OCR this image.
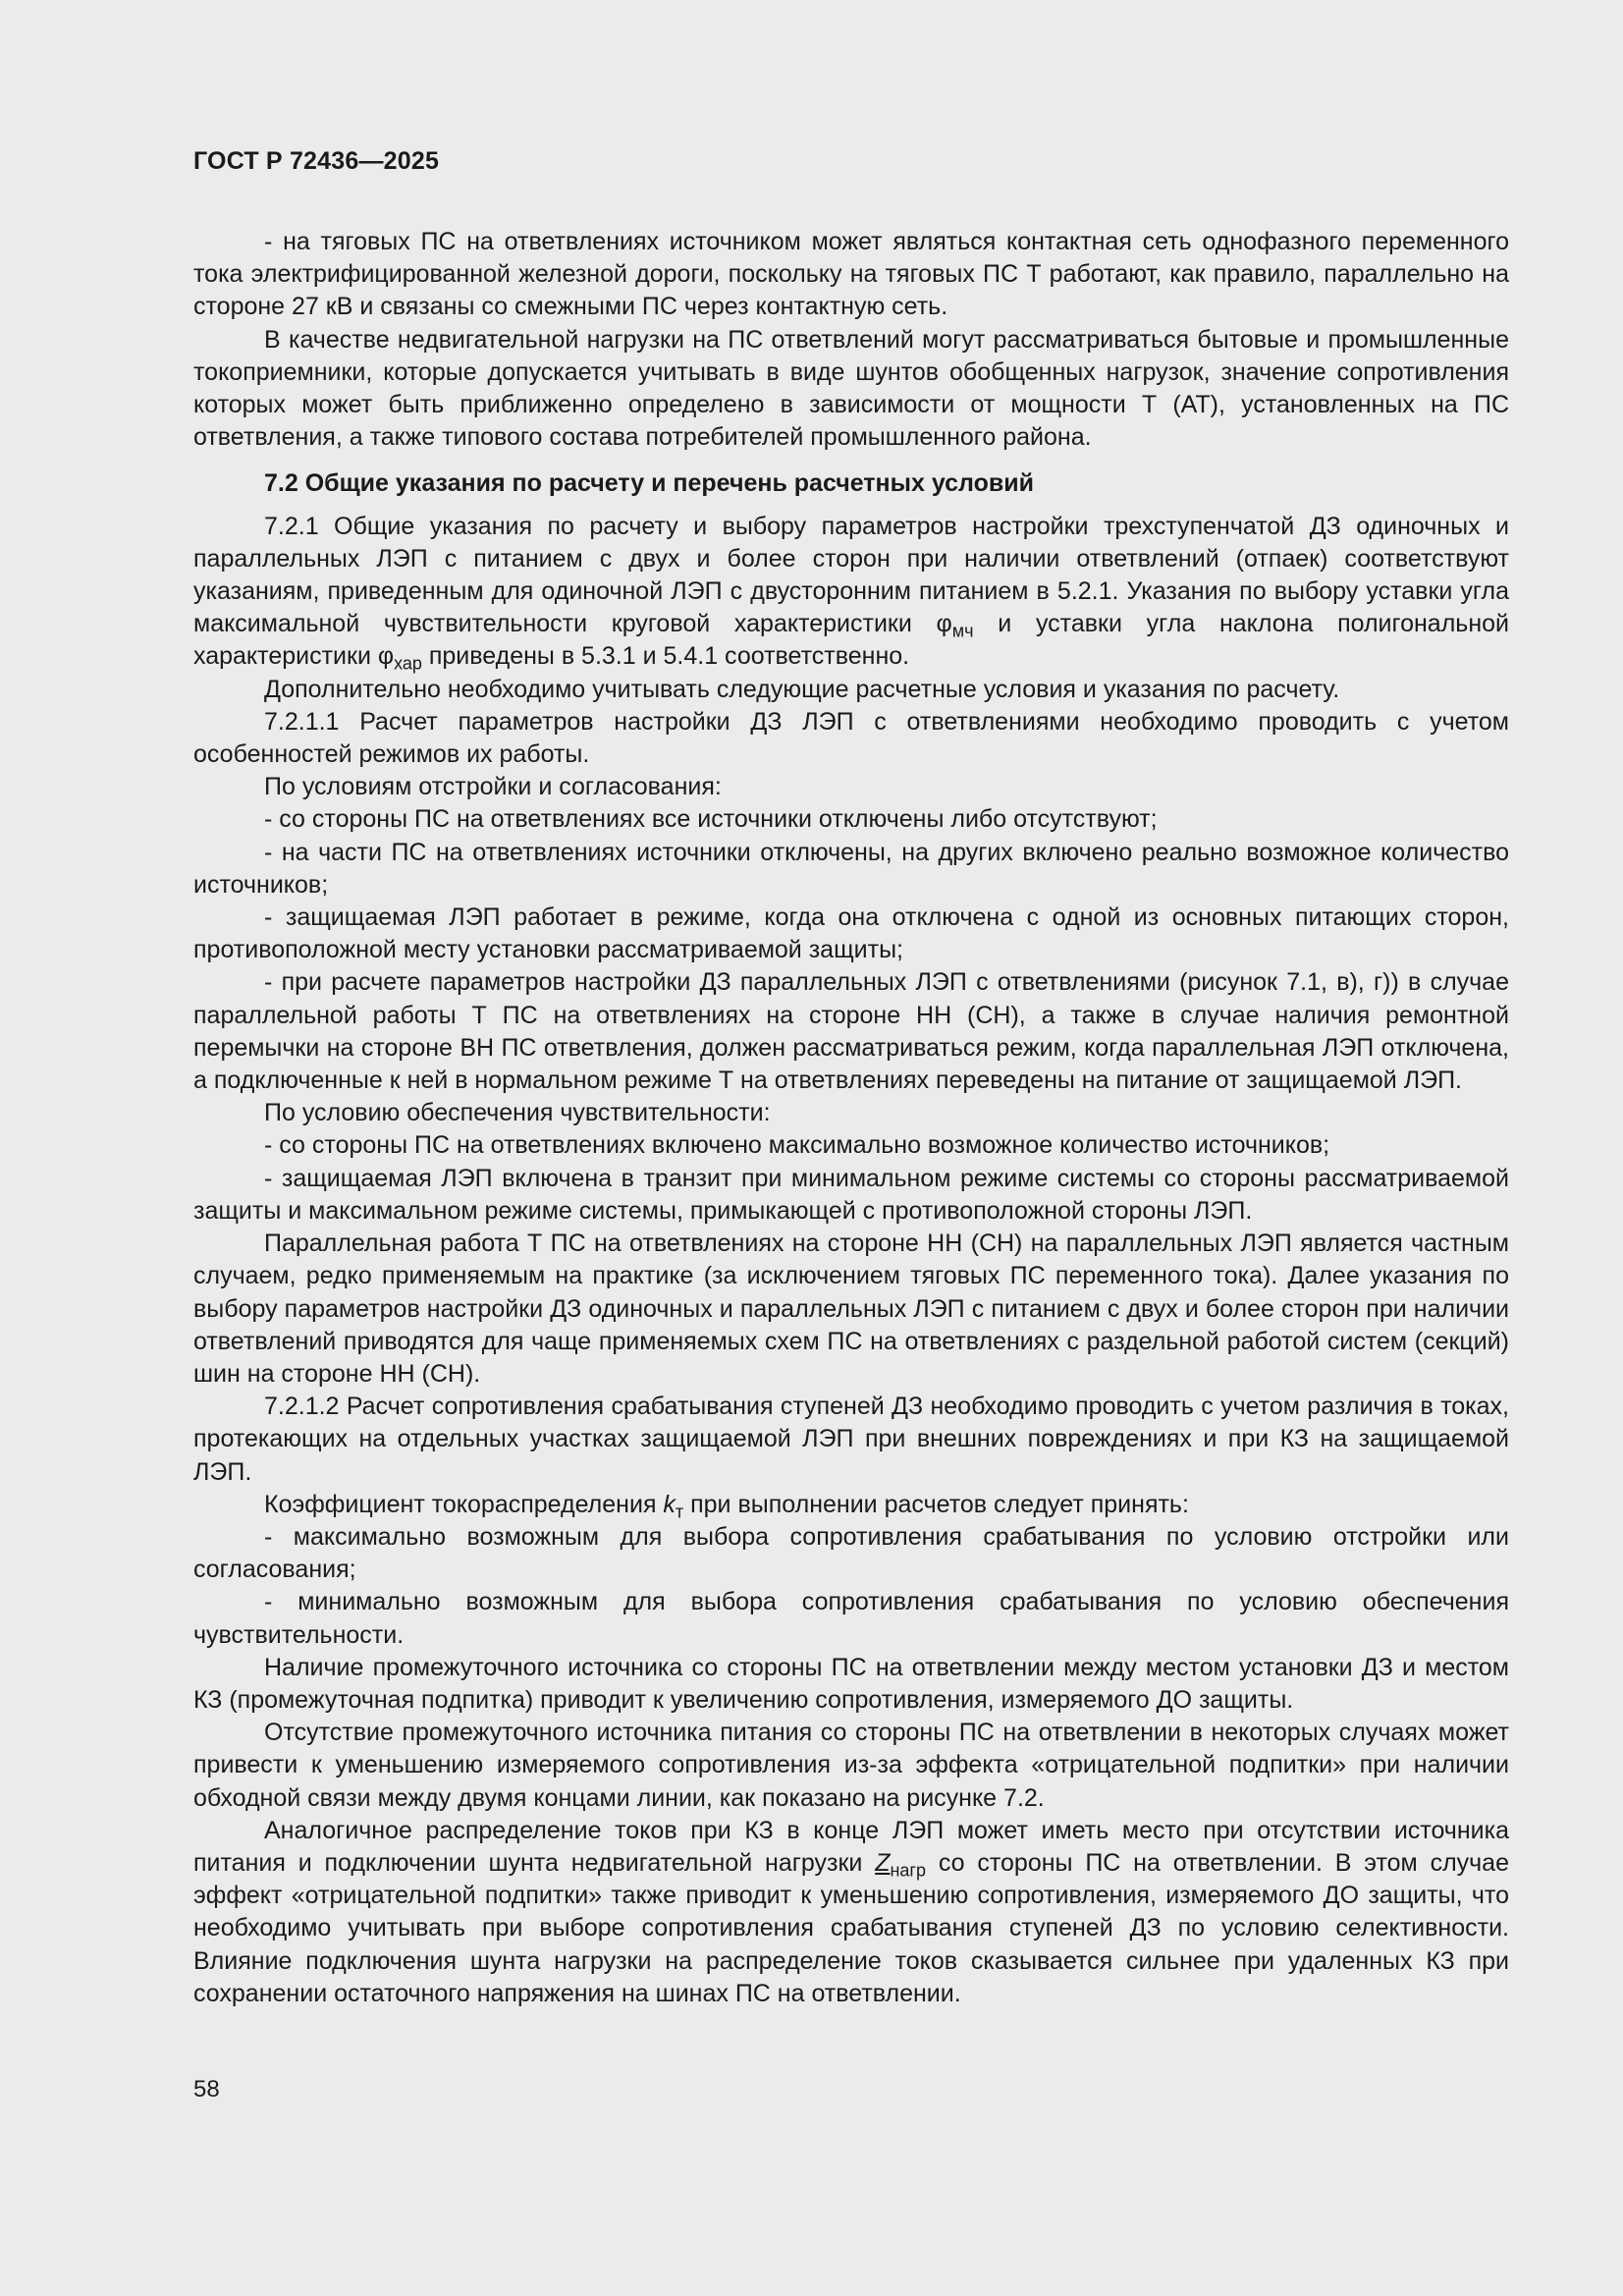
ГОСТ Р 72436—2025

- на тяговых ПС на ответвлениях источником может являться контактная сеть однофазного переменного тока электрифицированной железной дороги, поскольку на тяговых ПС Т работают, как правило, параллельно на стороне 27 кВ и связаны со смежными ПС через контактную сеть.

В качестве недвигательной нагрузки на ПС ответвлений могут рассматриваться бытовые и промышленные токоприемники, которые допускается учитывать в виде шунтов обобщенных нагрузок, значение сопротивления которых может быть приближенно определено в зависимости от мощности Т (АТ), установленных на ПС ответвления, а также типового состава потребителей промышленного района.

7.2 Общие указания по расчету и перечень расчетных условий

7.2.1 Общие указания по расчету и выбору параметров настройки трехступенчатой ДЗ одиночных и параллельных ЛЭП с питанием с двух и более сторон при наличии ответвлений (отпаек) соответствуют указаниям, приведенным для одиночной ЛЭП с двусторонним питанием в 5.2.1. Указания по выбору уставки угла максимальной чувствительности круговой характеристики $\varphi_{мч}$ и уставки угла наклона полигональной характеристики $\varphi_{хар}$ приведены в 5.3.1 и 5.4.1 соответственно.

Дополнительно необходимо учитывать следующие расчетные условия и указания по расчету.

7.2.1.1 Расчет параметров настройки ДЗ ЛЭП с ответвлениями необходимо проводить с учетом особенностей режимов их работы.

По условиям отстройки и согласования:

- со стороны ПС на ответвлениях все источники отключены либо отсутствуют;

- на части ПС на ответвлениях источники отключены, на других включено реально возможное количество источников;

- защищаемая ЛЭП работает в режиме, когда она отключена с одной из основных питающих сторон, противоположной месту установки рассматриваемой защиты;

- при расчете параметров настройки ДЗ параллельных ЛЭП с ответвлениями (рисунок 7.1, в), г)) в случае параллельной работы Т ПС на ответвлениях на стороне НН (СН), а также в случае наличия ремонтной перемычки на стороне ВН ПС ответвления, должен рассматриваться режим, когда параллельная ЛЭП отключена, а подключенные к ней в нормальном режиме Т на ответвлениях переведены на питание от защищаемой ЛЭП.

По условию обеспечения чувствительности:

- со стороны ПС на ответвлениях включено максимально возможное количество источников;

- защищаемая ЛЭП включена в транзит при минимальном режиме системы со стороны рассматриваемой защиты и максимальном режиме системы, примыкающей с противоположной стороны ЛЭП.

Параллельная работа Т ПС на ответвлениях на стороне НН (СН) на параллельных ЛЭП является частным случаем, редко применяемым на практике (за исключением тяговых ПС переменного тока). Далее указания по выбору параметров настройки ДЗ одиночных и параллельных ЛЭП с питанием с двух и более сторон при наличии ответвлений приводятся для чаще применяемых схем ПС на ответвлениях с раздельной работой систем (секций) шин на стороне НН (СН).

7.2.1.2 Расчет сопротивления срабатывания ступеней ДЗ необходимо проводить с учетом различия в токах, протекающих на отдельных участках защищаемой ЛЭП при внешних повреждениях и при КЗ на защищаемой ЛЭП.

Коэффициент токораспределения $k_т$ при выполнении расчетов следует принять:

- максимально возможным для выбора сопротивления срабатывания по условию отстройки или согласования;

- минимально возможным для выбора сопротивления срабатывания по условию обеспечения чувствительности.

Наличие промежуточного источника со стороны ПС на ответвлении между местом установки ДЗ и местом КЗ (промежуточная подпитка) приводит к увеличению сопротивления, измеряемого ДО защиты.

Отсутствие промежуточного источника питания со стороны ПС на ответвлении в некоторых случаях может привести к уменьшению измеряемого сопротивления из-за эффекта «отрицательной подпитки» при наличии обходной связи между двумя концами линии, как показано на рисунке 7.2.

Аналогичное распределение токов при КЗ в конце ЛЭП может иметь место при отсутствии источника питания и подключении шунта недвигательной нагрузки $Z_{нагр}$ со стороны ПС на ответвлении. В этом случае эффект «отрицательной подпитки» также приводит к уменьшению сопротивления, измеряемого ДО защиты, что необходимо учитывать при выборе сопротивления срабатывания ступеней ДЗ по условию селективности. Влияние подключения шунта нагрузки на распределение токов сказывается сильнее при удаленных КЗ при сохранении остаточного напряжения на шинах ПС на ответвлении.

58
